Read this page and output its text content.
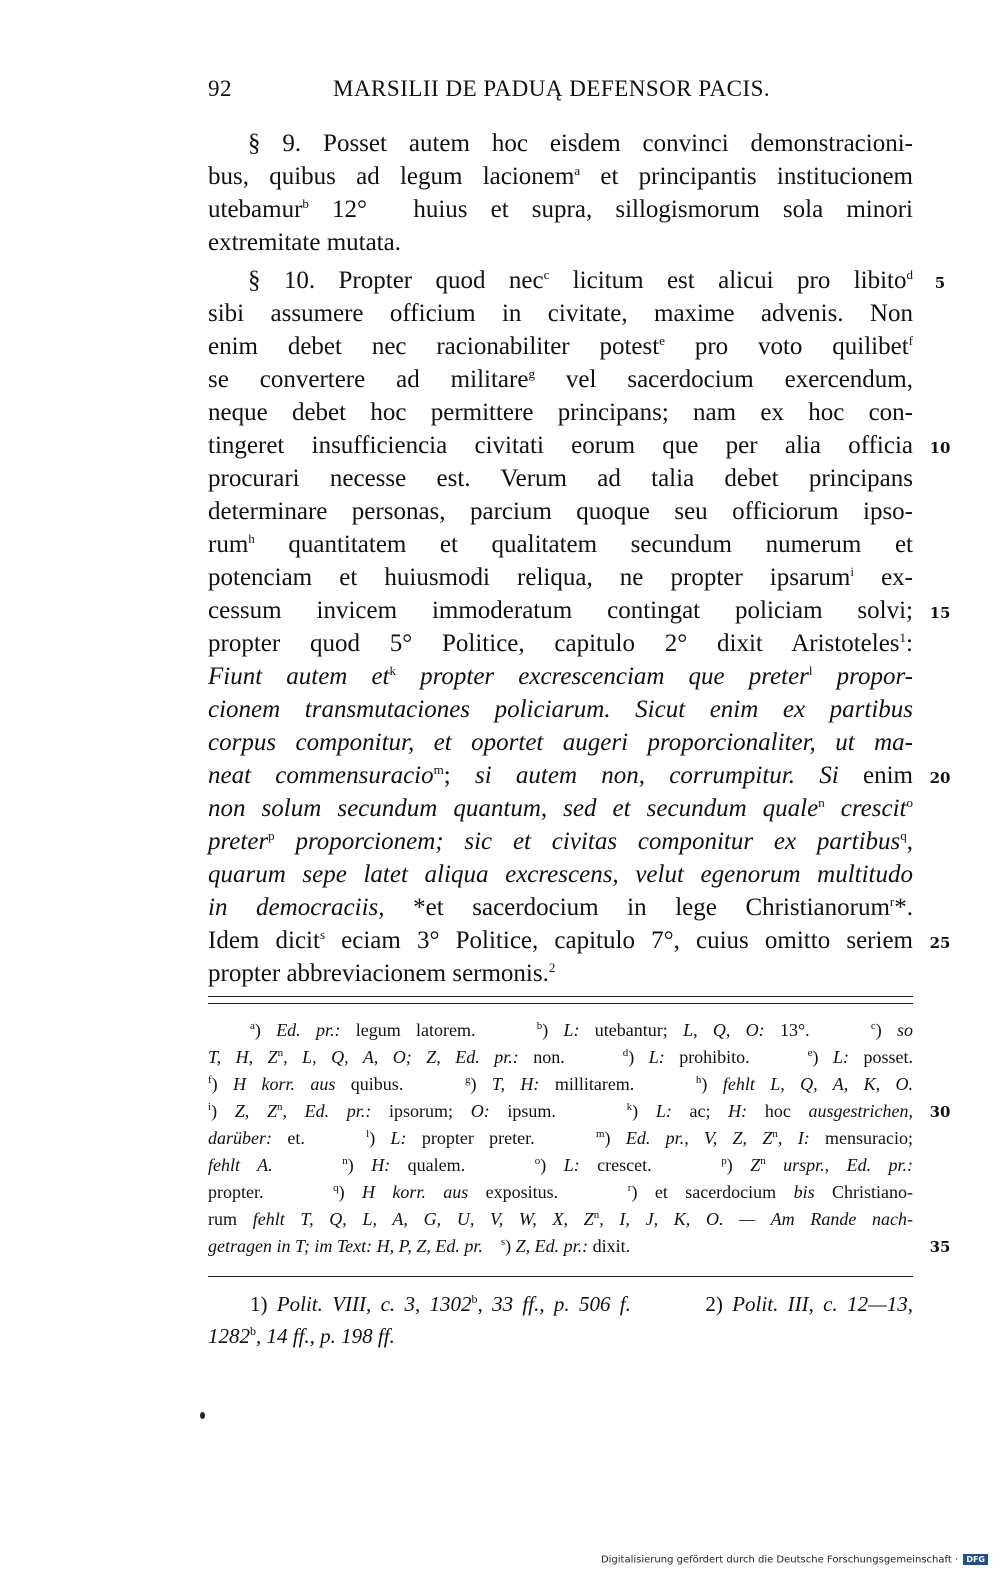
92	MARSILII DE PADUĄ DEFENSOR PACIS.
§ 9. Posset autem hoc eisdem convinci demonstracioni-
bus, quibus ad legum lacionem$^a$ et principantis institucionem
utebamur$^b$ 12°  huius et supra, sillogismorum sola minori
extremitate mutata.
§ 10. Propter quod nec$^c$ licitum est alicui pro libito$^d$
sibi assumere officium in civitate, maxime advenis. Non
enim debet nec racionabiliter potest$^e$ pro voto quilibet$^f$
se convertere ad militare$^g$ vel sacerdocium exercendum,
neque debet hoc permittere principans; nam ex hoc con-
tingeret insufficiencia civitati eorum que per alia officia
procurari necesse est. Verum ad talia debet principans
determinare personas, parcium quoque seu officiorum ipso-
rum$^h$ quantitatem et qualitatem secundum numerum et
potenciam et huiusmodi reliqua, ne propter ipsarum$^i$ ex-
cessum invicem immoderatum contingat policiam solvi;
propter quod 5° Politice, capitulo 2° dixit Aristoteles$^1$:
Fiunt autem $et^k$ propter excrescenciam que preter$^l$ propor-
cionem transmutaciones policiarum. Sicut enim ex partibus
corpus componitur, et oportet augeri proporcionaliter, ut ma-
neat commensuracio$^m$; si autem non, corrumpitur. Si enim
non solum secundum quantum, sed et secundum quale$^n$ crescit$^o$
preter$^p$ proporcionem; sic et civitas componitur ex partibus$^q$,
quarum sepe latet aliqua excrescens, velut egenorum multitudo
in democraciis, *et sacerdocium in lege Christianorum$^r$*.
Idem dicit$^s$ eciam 3° Politice, capitulo 7°, cuius omitto seriem
propter abbreviacionem sermonis.$^2$
5
10
15
20
25
$^a$) Ed. pr.: legum latorem.    $^b$) L: utebantur; L, Q, O: 13°.    $^c$) so
T, H, $Z^n$, L, Q, A, O; Z, Ed. pr.: non.    $^d$) L: prohibito.    $^e$) L: posset.
$^f$) H korr. aus quibus.    $^g$) T, H: millitarem.    $^h$) fehlt L, Q, A, K, O.
$^i$) Z, $Z^n$, Ed. pr.: ipsorum; O: ipsum.    $^k$) L: ac; H: hoc ausgestrichen,
darüber: et.    $^l$) L: propter preter.    $^m$) Ed. pr., V, Z, $Z^n$, I: mensuracio;
fehlt A.	$^n$) H: qualem.    $^o$) L: crescet.    $^p$) $Z^n$ urspr., Ed. pr.:
propter.    $^q$) H korr. aus expositus.    $^r$) et sacerdocium bis Christiano-
rum fehlt T, Q, L, A, G, U, V, W, X, $Z^n$, I, J, K, O. — Am Rande nach-
getragen in T; im Text: H, P, Z, Ed. pr. $^s$) Z, Ed. pr.: dixit.
30
35
1) Polit. VIII, c. 3, 1302$^b$, 33 ff., p. 506 f.        2) Polit. III, c. 12—13,
1282$^b$, 14 ff., p. 198 ff.
Digitalisierung gefördert durch die Deutsche Forschungsgemeinschaft · DFG
